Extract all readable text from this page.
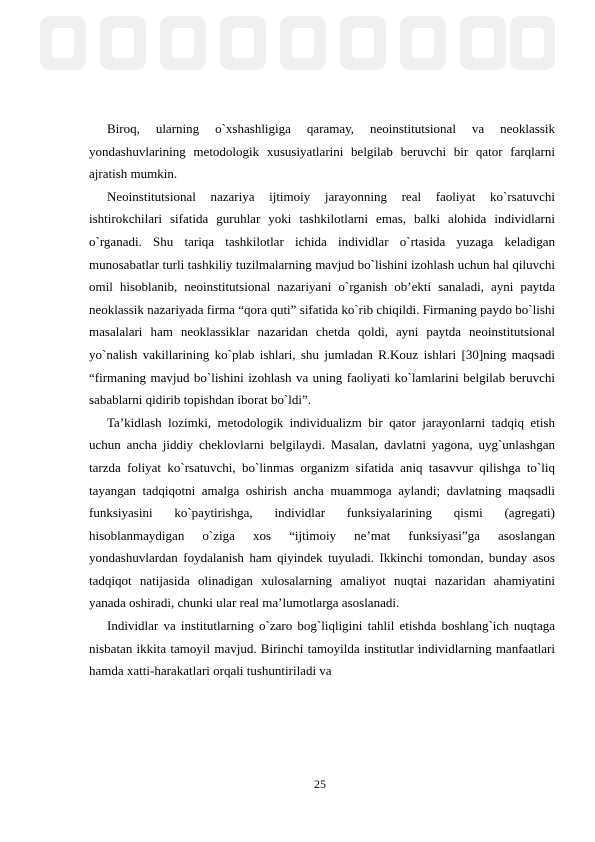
Biroq, ularning o`xshashligiga qaramay, neoinstitutsional va neoklassik yondashuvlarining metodologik xususiyatlarini belgilab beruvchi bir qator farqlarni ajratish mumkin.

Neoinstitutsional nazariya ijtimoiy jarayonning real faoliyat ko`rsatuvchi ishtirokchilari sifatida guruhlar yoki tashkilotlarni emas, balki alohida individlarni o`rganadi. Shu tariqa tashkilotlar ichida individlar o`rtasida yuzaga keladigan munosabatlar turli tashkiliy tuzilmalarning mavjud bo`lishini izohlash uchun hal qiluvchi omil hisoblanib, neoinstitutsional nazariyani o`rganish ob’ekti sanaladi, ayni paytda neoklassik nazariyada firma “qora quti” sifatida ko`rib chiqildi. Firmaning paydo bo`lishi masalalari ham neoklassiklar nazaridan chetda qoldi, ayni paytda neoinstitutsional yo`nalish vakillarining ko`plab ishlari, shu jumladan R.Kouz ishlari [30]ning maqsadi “firmaning mavjud bo`lishini izohlash va uning faoliyati ko`lamlarini belgilab beruvchi sabablarni qidirib topishdan iborat bo`ldi”.

Ta’kidlash lozimki, metodologik individualizm bir qator jarayonlarni tadqiq etish uchun ancha jiddiy cheklovlarni belgilaydi. Masalan, davlatni yagona, uyg`unlashgan tarzda foliyat ko`rsatuvchi, bo`linmas organizm sifatida aniq tasavvur qilishga to`liq tayangan tadqiqotni amalga oshirish ancha muammoga aylandi; davlatning maqsadli funksiyasini ko`paytirishga, individlar funksiyalarining qismi (agregati) hisoblanmaydigan o`ziga xos “ijtimoiy ne’mat funksiyasi”ga asoslangan yondashuvlardan foydalanish ham qiyindek tuyuladi. Ikkinchi tomondan, bunday asos tadqiqot natijasida olinadigan xulosalarning amaliyot nuqtai nazaridan ahamiyatini yanada oshiradi, chunki ular real ma’lumotlarga asoslanadi.

Individlar va institutlarning o`zaro bog`liqligini tahlil etishda boshlang`ich nuqtaga nisbatan ikkita tamoyil mavjud. Birinchi tamoyilda institutlar individlarning manfaatlari hamda xatti-harakatlari orqali tushuntiriladi va

25
